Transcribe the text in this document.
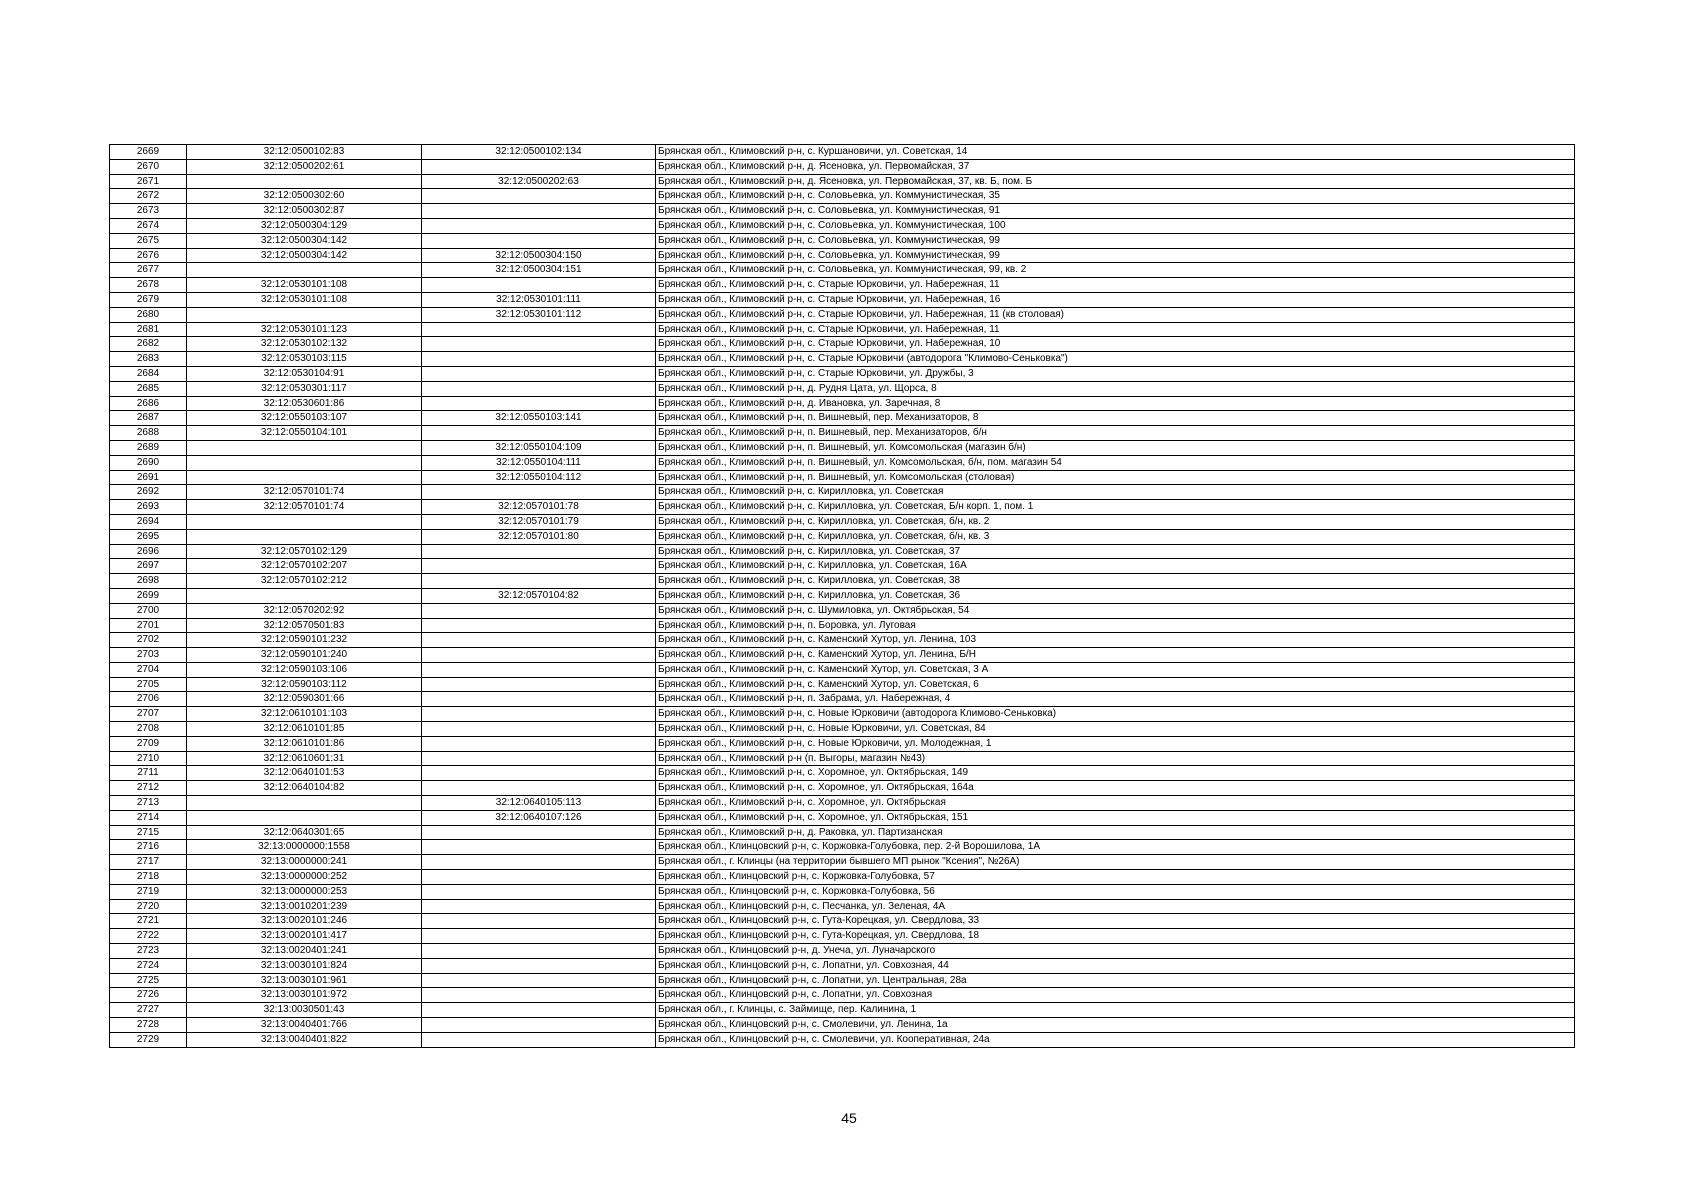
2669	32:12:0500102:83	32:12:0500102:134	Брянская обл., Климовский р-н, с. Куршановичи, ул. Советская, 14
2670	32:12:0500202:61		Брянская обл., Климовский р-н, д. Ясеновка, ул. Первомайская, 37
2671		32:12:0500202:63	Брянская обл., Климовский р-н, д. Ясеновка, ул. Первомайская, 37, кв. Б, пом. Б
2672	32:12:0500302:60		Брянская обл., Климовский р-н, с. Соловьевка, ул. Коммунистическая, 35
2673	32:12:0500302:87		Брянская обл., Климовский р-н, с. Соловьевка, ул. Коммунистическая, 91
2674	32:12:0500304:129		Брянская обл., Климовский р-н, с. Соловьевка, ул. Коммунистическая, 100
2675	32:12:0500304:142		Брянская обл., Климовский р-н, с. Соловьевка, ул. Коммунистическая, 99
2676	32:12:0500304:142	32:12:0500304:150	Брянская обл., Климовский р-н, с. Соловьевка, ул. Коммунистическая, 99
2677		32:12:0500304:151	Брянская обл., Климовский р-н, с. Соловьевка, ул. Коммунистическая, 99, кв. 2
2678	32:12:0530101:108		Брянская обл., Климовский р-н, с. Старые Юрковичи, ул. Набережная, 11
2679	32:12:0530101:108	32:12:0530101:111	Брянская обл., Климовский р-н, с. Старые Юрковичи, ул. Набережная, 16
2680		32:12:0530101:112	Брянская обл., Климовский р-н, с. Старые Юрковичи, ул. Набережная, 11 (кв столовая)
2681	32:12:0530101:123		Брянская обл., Климовский р-н, с. Старые Юрковичи, ул. Набережная, 11
2682	32:12:0530102:132		Брянская обл., Климовский р-н, с. Старые Юрковичи, ул. Набережная, 10
2683	32:12:0530103:115		Брянская обл., Климовский р-н, с. Старые Юрковичи (автодорога "Климово-Сеньковка")
2684	32:12:0530104:91		Брянская обл., Климовский р-н, с. Старые Юрковичи, ул. Дружбы, 3
2685	32:12:0530301:117		Брянская обл., Климовский р-н, д. Рудня Цата, ул. Щорса, 8
2686	32:12:0530601:86		Брянская обл., Климовский р-н, д. Ивановка, ул. Заречная, 8
2687	32:12:0550103:107	32:12:0550103:141	Брянская обл., Климовский р-н, п. Вишневый, пер. Механизаторов, 8
2688	32:12:0550104:101		Брянская обл., Климовский р-н, п. Вишневый, пер. Механизаторов, б/н
2689		32:12:0550104:109	Брянская обл., Климовский р-н, п. Вишневый, ул. Комсомольская (магазин б/н)
2690		32:12:0550104:111	Брянская обл., Климовский р-н, п. Вишневый, ул. Комсомольская, б/н, пом. магазин 54
2691		32:12:0550104:112	Брянская обл., Климовский р-н, п. Вишневый, ул. Комсомольская (столовая)
2692	32:12:0570101:74		Брянская обл., Климовский р-н, с. Кирилловка, ул. Советская
2693	32:12:0570101:74	32:12:0570101:78	Брянская обл., Климовский р-н, с. Кирилловка, ул. Советская, Б/н корп. 1, пом. 1
2694		32:12:0570101:79	Брянская обл., Климовский р-н, с. Кирилловка, ул. Советская, б/н, кв. 2
2695		32:12:0570101:80	Брянская обл., Климовский р-н, с. Кирилловка, ул. Советская, б/н, кв. 3
2696	32:12:0570102:129		Брянская обл., Климовский р-н, с. Кирилловка, ул. Советская, 37
2697	32:12:0570102:207		Брянская обл., Климовский р-н, с. Кирилловка, ул. Советская, 16А
2698	32:12:0570102:212		Брянская обл., Климовский р-н, с. Кирилловка, ул. Советская, 38
2699		32:12:0570104:82	Брянская обл., Климовский р-н, с. Кирилловка, ул. Советская, 36
2700	32:12:0570202:92		Брянская обл., Климовский р-н, с. Шумиловка, ул. Октябрьская, 54
2701	32:12:0570501:83		Брянская обл., Климовский р-н, п. Боровка, ул. Луговая
2702	32:12:0590101:232		Брянская обл., Климовский р-н, с. Каменский Хутор, ул. Ленина, 103
2703	32:12:0590101:240		Брянская обл., Климовский р-н, с. Каменский Хутор, ул. Ленина, Б/Н
2704	32:12:0590103:106		Брянская обл., Климовский р-н, с. Каменский Хутор, ул. Советская, 3 А
2705	32:12:0590103:112		Брянская обл., Климовский р-н, с. Каменский Хутор, ул. Советская, 6
2706	32:12:0590301:66		Брянская обл., Климовский р-н, п. Забрама, ул. Набережная, 4
2707	32:12:0610101:103		Брянская обл., Климовский р-н, с. Новые Юрковичи (автодорога Климово-Сеньковка)
2708	32:12:0610101:85		Брянская обл., Климовский р-н, с. Новые Юрковичи, ул. Советская, 84
2709	32:12:0610101:86		Брянская обл., Климовский р-н, с. Новые Юрковичи, ул. Молодежная, 1
2710	32:12:0610601:31		Брянская обл., Климовский р-н (п. Выгоры, магазин №43)
2711	32:12:0640101:53		Брянская обл., Климовский р-н, с. Хоромное, ул. Октябрьская, 149
2712	32:12:0640104:82		Брянская обл., Климовский р-н, с. Хоромное, ул. Октябрьская, 164а
2713		32:12:0640105:113	Брянская обл., Климовский р-н, с. Хоромное, ул. Октябрьская
2714		32:12:0640107:126	Брянская обл., Климовский р-н, с. Хоромное, ул. Октябрьская, 151
2715	32:12:0640301:65		Брянская обл., Климовский р-н, д. Раковка, ул. Партизанская
2716	32:13:0000000:1558		Брянская обл., Клинцовский р-н, с. Коржовка-Голубовка, пер. 2-й Ворошилова, 1А
2717	32:13:0000000:241		Брянская обл., г. Клинцы (на территории бывшего МП рынок "Ксения", №26А)
2718	32:13:0000000:252		Брянская обл., Клинцовский р-н, с. Коржовка-Голубовка, 57
2719	32:13:0000000:253		Брянская обл., Клинцовский р-н, с. Коржовка-Голубовка, 56
2720	32:13:0010201:239		Брянская обл., Клинцовский р-н, с. Песчанка, ул. Зеленая, 4А
2721	32:13:0020101:246		Брянская обл., Клинцовский р-н, с. Гута-Корецкая, ул. Свердлова, 33
2722	32:13:0020101:417		Брянская обл., Клинцовский р-н, с. Гута-Корецкая, ул. Свердлова, 18
2723	32:13:0020401:241		Брянская обл., Клинцовский р-н, д. Унеча, ул. Луначарского
2724	32:13:0030101:824		Брянская обл., Клинцовский р-н, с. Лопатни, ул. Совхозная, 44
2725	32:13:0030101:961		Брянская обл., Клинцовский р-н, с. Лопатни, ул. Центральная, 28а
2726	32:13:0030101:972		Брянская обл., Клинцовский р-н, с. Лопатни, ул. Совхозная
2727	32:13:0030501:43		Брянская обл., г. Клинцы, с. Займище, пер. Калинина, 1
2728	32:13:0040401:766		Брянская обл., Клинцовский р-н, с. Смолевичи, ул. Ленина, 1а
2729	32:13:0040401:822		Брянская обл., Клинцовский р-н, с. Смолевичи, ул. Кооперативная, 24а
45
